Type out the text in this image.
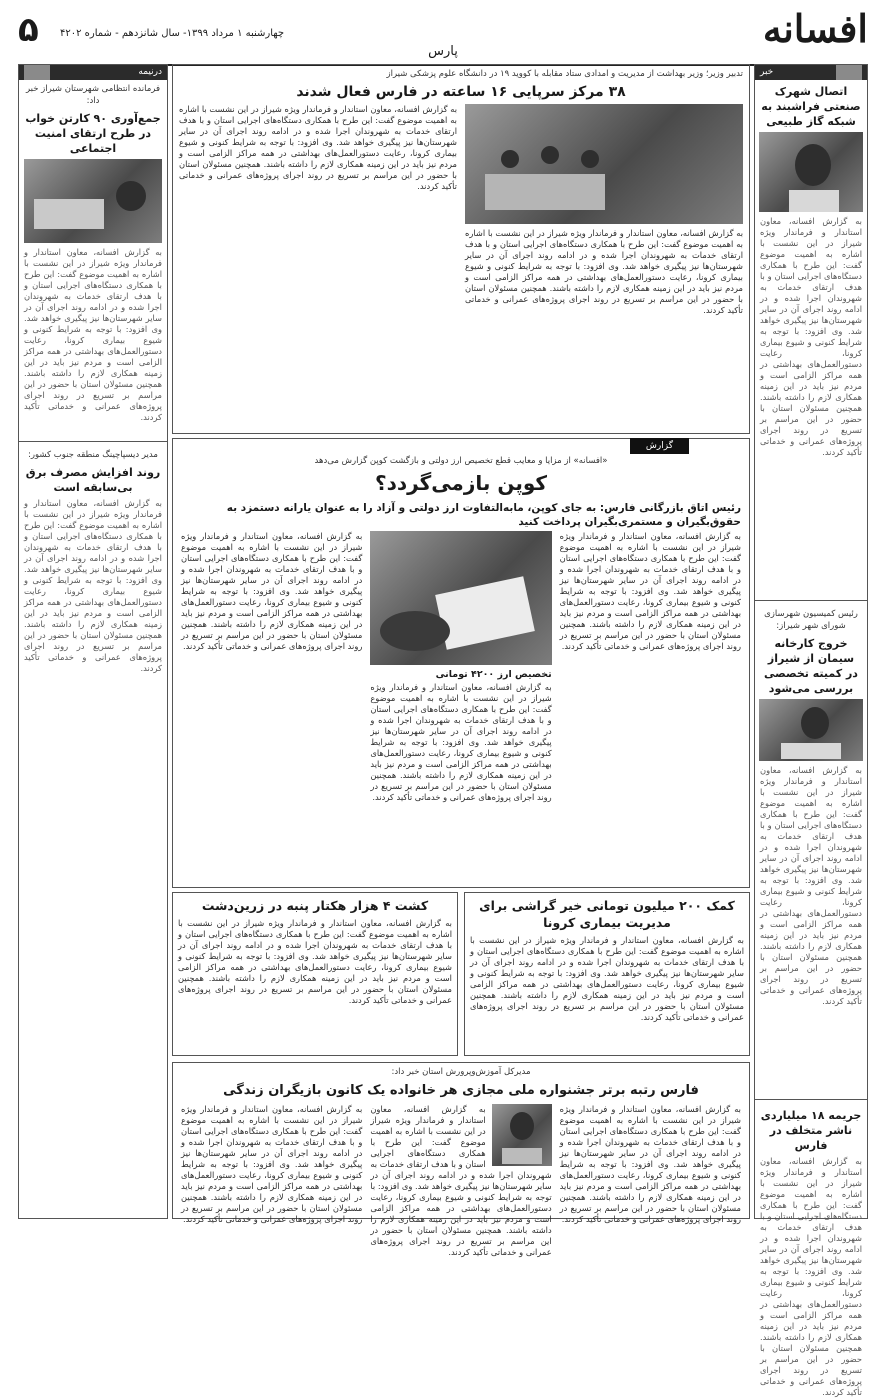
۵ چهارشنبه ۱ مرداد ۱۳۹۹- سال شانزدهم - شماره ۴۲۰۲	افسانه
پارس
خبر
اتصال شهرک صنعتی فراشبند به شبکه گاز طبیعی
به گزارش افسانه، معاون استاندار و فرماندار ویژه شیراز در این نشست با اشاره به اهمیت موضوع گفت: این طرح با همکاری دستگاه‌های اجرایی استان و با هدف ارتقای خدمات به شهروندان اجرا شده و در ادامه روند اجرای آن در سایر شهرستان‌ها نیز پیگیری خواهد شد. وی افزود: با توجه به شرایط کنونی و شیوع بیماری کرونا، رعایت دستورالعمل‌های بهداشتی در همه مراکز الزامی است و مردم نیز باید در این زمینه همکاری لازم را داشته باشند. همچنین مسئولان استان با حضور در این مراسم بر تسریع در روند اجرای پروژه‌های عمرانی و خدماتی تأکید کردند.
رئیس کمیسیون شهرسازی شورای شهر شیراز:
خروج کارخانه سیمان از شیراز در کمیته تخصصی بررسی می‌شود
به گزارش افسانه، معاون استاندار و فرماندار ویژه شیراز در این نشست با اشاره به اهمیت موضوع گفت: این طرح با همکاری دستگاه‌های اجرایی استان و با هدف ارتقای خدمات به شهروندان اجرا شده و در ادامه روند اجرای آن در سایر شهرستان‌ها نیز پیگیری خواهد شد. وی افزود: با توجه به شرایط کنونی و شیوع بیماری کرونا، رعایت دستورالعمل‌های بهداشتی در همه مراکز الزامی است و مردم نیز باید در این زمینه همکاری لازم را داشته باشند. همچنین مسئولان استان با حضور در این مراسم بر تسریع در روند اجرای پروژه‌های عمرانی و خدماتی تأکید کردند.
جریمه ۱۸ میلیاردی ناشر متخلف در فارس
به گزارش افسانه، معاون استاندار و فرماندار ویژه شیراز در این نشست با اشاره به اهمیت موضوع گفت: این طرح با همکاری دستگاه‌های اجرایی استان و با هدف ارتقای خدمات به شهروندان اجرا شده و در ادامه روند اجرای آن در سایر شهرستان‌ها نیز پیگیری خواهد شد. وی افزود: با توجه به شرایط کنونی و شیوع بیماری کرونا، رعایت دستورالعمل‌های بهداشتی در همه مراکز الزامی است و مردم نیز باید در این زمینه همکاری لازم را داشته باشند. همچنین مسئولان استان با حضور در این مراسم بر تسریع در روند اجرای پروژه‌های عمرانی و خدماتی تأکید کردند.
درنیمه
فرمانده انتظامی شهرستان شیراز خبر داد:
جمع‌آوری ۹۰ کارتن خواب در طرح ارتقای امنیت اجتماعی
به گزارش افسانه، معاون استاندار و فرماندار ویژه شیراز در این نشست با اشاره به اهمیت موضوع گفت: این طرح با همکاری دستگاه‌های اجرایی استان و با هدف ارتقای خدمات به شهروندان اجرا شده و در ادامه روند اجرای آن در سایر شهرستان‌ها نیز پیگیری خواهد شد. وی افزود: با توجه به شرایط کنونی و شیوع بیماری کرونا، رعایت دستورالعمل‌های بهداشتی در همه مراکز الزامی است و مردم نیز باید در این زمینه همکاری لازم را داشته باشند. همچنین مسئولان استان با حضور در این مراسم بر تسریع در روند اجرای پروژه‌های عمرانی و خدماتی تأکید کردند.
مدیر دیسپاچینگ منطقه جنوب کشور:
روند افزایش مصرف برق بی‌سابقه است
به گزارش افسانه، معاون استاندار و فرماندار ویژه شیراز در این نشست با اشاره به اهمیت موضوع گفت: این طرح با همکاری دستگاه‌های اجرایی استان و با هدف ارتقای خدمات به شهروندان اجرا شده و در ادامه روند اجرای آن در سایر شهرستان‌ها نیز پیگیری خواهد شد. وی افزود: با توجه به شرایط کنونی و شیوع بیماری کرونا، رعایت دستورالعمل‌های بهداشتی در همه مراکز الزامی است و مردم نیز باید در این زمینه همکاری لازم را داشته باشند. همچنین مسئولان استان با حضور در این مراسم بر تسریع در روند اجرای پروژه‌های عمرانی و خدماتی تأکید کردند.
تدبیر وزیر؛ وزیر بهداشت از مدیریت و امدادی ستاد مقابله با کووید ۱۹ در دانشگاه علوم پزشکی شیراز
۳۸ مرکز سرپایی ۱۶ ساعته در فارس فعال شدند
به گزارش افسانه، معاون استاندار و فرماندار ویژه شیراز در این نشست با اشاره به اهمیت موضوع گفت: این طرح با همکاری دستگاه‌های اجرایی استان و با هدف ارتقای خدمات به شهروندان اجرا شده و در ادامه روند اجرای آن در سایر شهرستان‌ها نیز پیگیری خواهد شد. وی افزود: با توجه به شرایط کنونی و شیوع بیماری کرونا، رعایت دستورالعمل‌های بهداشتی در همه مراکز الزامی است و مردم نیز باید در این زمینه همکاری لازم را داشته باشند. همچنین مسئولان استان با حضور در این مراسم بر تسریع در روند اجرای پروژه‌های عمرانی و خدماتی تأکید کردند.
به گزارش افسانه، معاون استاندار و فرماندار ویژه شیراز در این نشست با اشاره به اهمیت موضوع گفت: این طرح با همکاری دستگاه‌های اجرایی استان و با هدف ارتقای خدمات به شهروندان اجرا شده و در ادامه روند اجرای آن در سایر شهرستان‌ها نیز پیگیری خواهد شد. وی افزود: با توجه به شرایط کنونی و شیوع بیماری کرونا، رعایت دستورالعمل‌های بهداشتی در همه مراکز الزامی است و مردم نیز باید در این زمینه همکاری لازم را داشته باشند. همچنین مسئولان استان با حضور در این مراسم بر تسریع در روند اجرای پروژه‌های عمرانی و خدماتی تأکید کردند.
گزارش
«افسانه» از مزایا و معایب قطع تخصیص ارز دولتی و بازگشت کوپن گزارش می‌دهد
کوپن بازمی‌گردد؟
رئیس اتاق بازرگانی فارس: به جای کوپن، مابه‌التفاوت ارز دولتی و آزاد را به عنوان یارانه دستمزد به حقوق‌بگیران و مستمری‌بگیران پرداخت کنید
به گزارش افسانه، معاون استاندار و فرماندار ویژه شیراز در این نشست با اشاره به اهمیت موضوع گفت: این طرح با همکاری دستگاه‌های اجرایی استان و با هدف ارتقای خدمات به شهروندان اجرا شده و در ادامه روند اجرای آن در سایر شهرستان‌ها نیز پیگیری خواهد شد. وی افزود: با توجه به شرایط کنونی و شیوع بیماری کرونا، رعایت دستورالعمل‌های بهداشتی در همه مراکز الزامی است و مردم نیز باید در این زمینه همکاری لازم را داشته باشند. همچنین مسئولان استان با حضور در این مراسم بر تسریع در روند اجرای پروژه‌های عمرانی و خدماتی تأکید کردند.
تخصیص ارز ۴۲۰۰ تومانی
به گزارش افسانه، معاون استاندار و فرماندار ویژه شیراز در این نشست با اشاره به اهمیت موضوع گفت: این طرح با همکاری دستگاه‌های اجرایی استان و با هدف ارتقای خدمات به شهروندان اجرا شده و در ادامه روند اجرای آن در سایر شهرستان‌ها نیز پیگیری خواهد شد. وی افزود: با توجه به شرایط کنونی و شیوع بیماری کرونا، رعایت دستورالعمل‌های بهداشتی در همه مراکز الزامی است و مردم نیز باید در این زمینه همکاری لازم را داشته باشند. همچنین مسئولان استان با حضور در این مراسم بر تسریع در روند اجرای پروژه‌های عمرانی و خدماتی تأکید کردند.
به گزارش افسانه، معاون استاندار و فرماندار ویژه شیراز در این نشست با اشاره به اهمیت موضوع گفت: این طرح با همکاری دستگاه‌های اجرایی استان و با هدف ارتقای خدمات به شهروندان اجرا شده و در ادامه روند اجرای آن در سایر شهرستان‌ها نیز پیگیری خواهد شد. وی افزود: با توجه به شرایط کنونی و شیوع بیماری کرونا، رعایت دستورالعمل‌های بهداشتی در همه مراکز الزامی است و مردم نیز باید در این زمینه همکاری لازم را داشته باشند. همچنین مسئولان استان با حضور در این مراسم بر تسریع در روند اجرای پروژه‌های عمرانی و خدماتی تأکید کردند.
کمک ۲۰۰ میلیون تومانی خیر گراشی برای مدیریت بیماری کرونا
به گزارش افسانه، معاون استاندار و فرماندار ویژه شیراز در این نشست با اشاره به اهمیت موضوع گفت: این طرح با همکاری دستگاه‌های اجرایی استان و با هدف ارتقای خدمات به شهروندان اجرا شده و در ادامه روند اجرای آن در سایر شهرستان‌ها نیز پیگیری خواهد شد. وی افزود: با توجه به شرایط کنونی و شیوع بیماری کرونا، رعایت دستورالعمل‌های بهداشتی در همه مراکز الزامی است و مردم نیز باید در این زمینه همکاری لازم را داشته باشند. همچنین مسئولان استان با حضور در این مراسم بر تسریع در روند اجرای پروژه‌های عمرانی و خدماتی تأکید کردند.
کشت ۴ هزار هکتار پنبه در زرین‌دشت
به گزارش افسانه، معاون استاندار و فرماندار ویژه شیراز در این نشست با اشاره به اهمیت موضوع گفت: این طرح با همکاری دستگاه‌های اجرایی استان و با هدف ارتقای خدمات به شهروندان اجرا شده و در ادامه روند اجرای آن در سایر شهرستان‌ها نیز پیگیری خواهد شد. وی افزود: با توجه به شرایط کنونی و شیوع بیماری کرونا، رعایت دستورالعمل‌های بهداشتی در همه مراکز الزامی است و مردم نیز باید در این زمینه همکاری لازم را داشته باشند. همچنین مسئولان استان با حضور در این مراسم بر تسریع در روند اجرای پروژه‌های عمرانی و خدماتی تأکید کردند.
مدیرکل آموزش‌وپرورش استان خبر داد:
فارس رتبه برتر جشنواره ملی مجازی هر خانواده یک کانون بازیگران زندگی
به گزارش افسانه، معاون استاندار و فرماندار ویژه شیراز در این نشست با اشاره به اهمیت موضوع گفت: این طرح با همکاری دستگاه‌های اجرایی استان و با هدف ارتقای خدمات به شهروندان اجرا شده و در ادامه روند اجرای آن در سایر شهرستان‌ها نیز پیگیری خواهد شد. وی افزود: با توجه به شرایط کنونی و شیوع بیماری کرونا، رعایت دستورالعمل‌های بهداشتی در همه مراکز الزامی است و مردم نیز باید در این زمینه همکاری لازم را داشته باشند. همچنین مسئولان استان با حضور در این مراسم بر تسریع در روند اجرای پروژه‌های عمرانی و خدماتی تأکید کردند.
به گزارش افسانه، معاون استاندار و فرماندار ویژه شیراز در این نشست با اشاره به اهمیت موضوع گفت: این طرح با همکاری دستگاه‌های اجرایی استان و با هدف ارتقای خدمات به شهروندان اجرا شده و در ادامه روند اجرای آن در سایر شهرستان‌ها نیز پیگیری خواهد شد. وی افزود: با توجه به شرایط کنونی و شیوع بیماری کرونا، رعایت دستورالعمل‌های بهداشتی در همه مراکز الزامی است و مردم نیز باید در این زمینه همکاری لازم را داشته باشند. همچنین مسئولان استان با حضور در این مراسم بر تسریع در روند اجرای پروژه‌های عمرانی و خدماتی تأکید کردند.
به گزارش افسانه، معاون استاندار و فرماندار ویژه شیراز در این نشست با اشاره به اهمیت موضوع گفت: این طرح با همکاری دستگاه‌های اجرایی استان و با هدف ارتقای خدمات به شهروندان اجرا شده و در ادامه روند اجرای آن در سایر شهرستان‌ها نیز پیگیری خواهد شد. وی افزود: با توجه به شرایط کنونی و شیوع بیماری کرونا، رعایت دستورالعمل‌های بهداشتی در همه مراکز الزامی است و مردم نیز باید در این زمینه همکاری لازم را داشته باشند. همچنین مسئولان استان با حضور در این مراسم بر تسریع در روند اجرای پروژه‌های عمرانی و خدماتی تأکید کردند.
